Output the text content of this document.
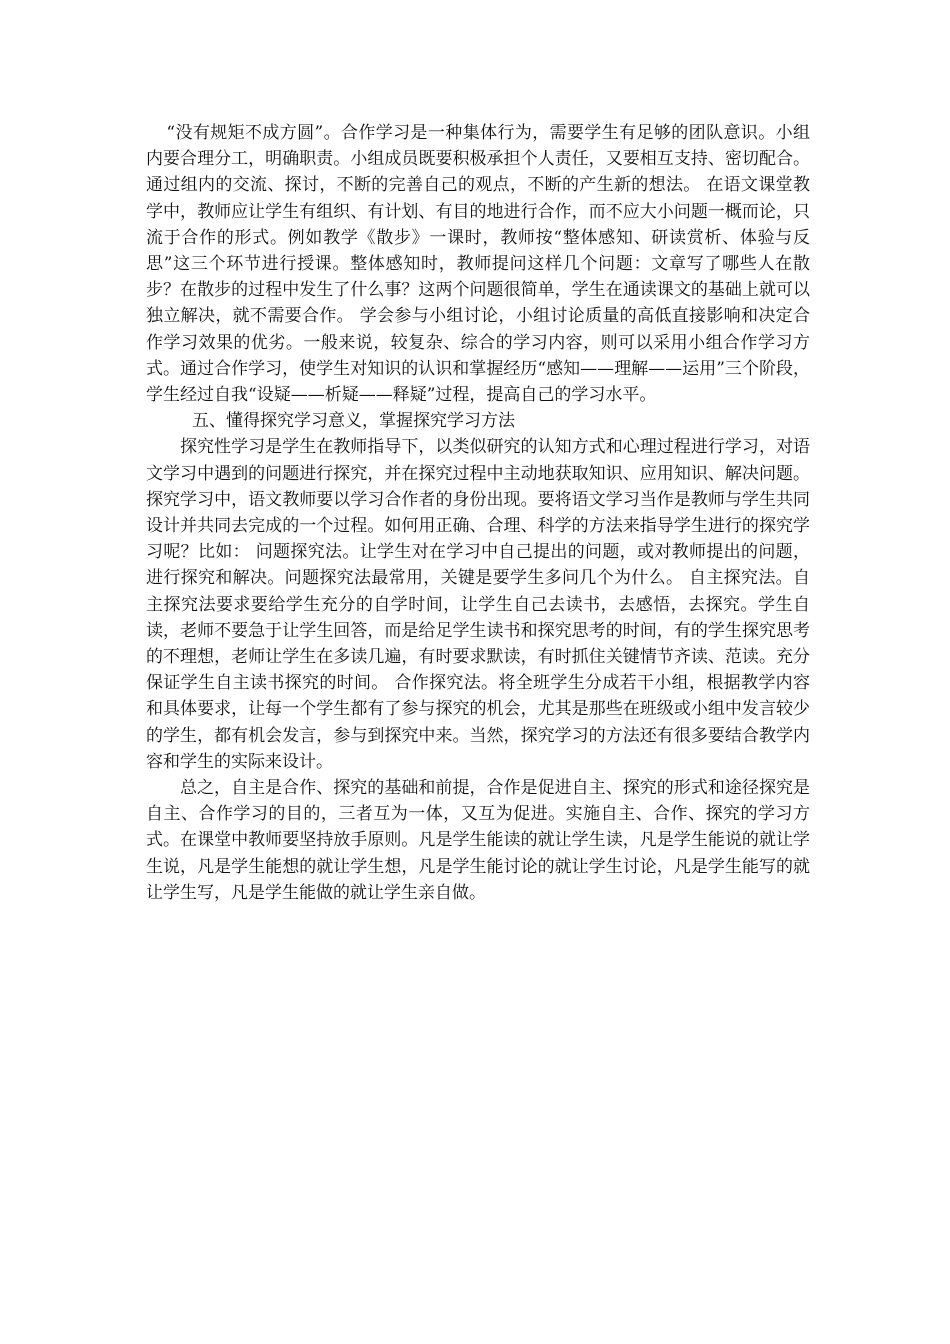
“没有规矩不成方圆”。合作学习是一种集体行为，需要学生有足够的团队意识。小组内要合理分工，明确职责。小组成员既要积极承担个人责任，又要相互支持、密切配合。通过组内的交流、探讨，不断的完善自己的观点，不断的产生新的想法。 在语文课堂教学中，教师应让学生有组织、有计划、有目的地进行合作，而不应大小问题一概而论，只流于合作的形式。例如教学《散步》一课时，教师按“整体感知、研读赏析、体验与反思”这三个环节进行授课。整体感知时，教师提问这样几个问题：文章写了哪些人在散步？在散步的过程中发生了什么事？这两个问题很简单，学生在通读课文的基础上就可以独立解决，就不需要合作。 学会参与小组讨论，小组讨论质量的高低直接影响和决定合作学习效果的优劣。一般来说，较复杂、综合的学习内容，则可以采用小组合作学习方式。通过合作学习，使学生对知识的认识和掌握经历“感知——理解——运用”三个阶段，学生经过自我“设疑——析疑——释疑”过程，提高自己的学习水平。

五、懂得探究学习意义，掌握探究学习方法

探究性学习是学生在教师指导下，以类似研究的认知方式和心理过程进行学习，对语文学习中遇到的问题进行探究，并在探究过程中主动地获取知识、应用知识、解决问题。探究学习中，语文教师要以学习合作者的身份出现。要将语文学习当作是教师与学生共同设计并共同去完成的一个过程。如何用正确、合理、科学的方法来指导学生进行的探究学习呢？比如： 问题探究法。让学生对在学习中自己提出的问题，或对教师提出的问题，进行探究和解决。问题探究法最常用，关键是要学生多问几个为什么。 自主探究法。自主探究法要求要给学生充分的自学时间，让学生自己去读书，去感悟，去探究。学生自读，老师不要急于让学生回答，而是给足学生读书和探究思考的时间，有的学生探究思考的不理想，老师让学生在多读几遍，有时要求默读，有时抓住关键情节齐读、范读。充分保证学生自主读书探究的时间。 合作探究法。将全班学生分成若干小组，根据教学内容和具体要求，让每一个学生都有了参与探究的机会，尤其是那些在班级或小组中发言较少的学生，都有机会发言，参与到探究中来。当然，探究学习的方法还有很多要结合教学内容和学生的实际来设计。

总之，自主是合作、探究的基础和前提，合作是促进自主、探究的形式和途径探究是自主、合作学习的目的，三者互为一体，又互为促进。实施自主、合作、探究的学习方式。在课堂中教师要坚持放手原则。凡是学生能读的就让学生读，凡是学生能说的就让学生说，凡是学生能想的就让学生想，凡是学生能讨论的就让学生讨论，凡是学生能写的就让学生写，凡是学生能做的就让学生亲自做。
